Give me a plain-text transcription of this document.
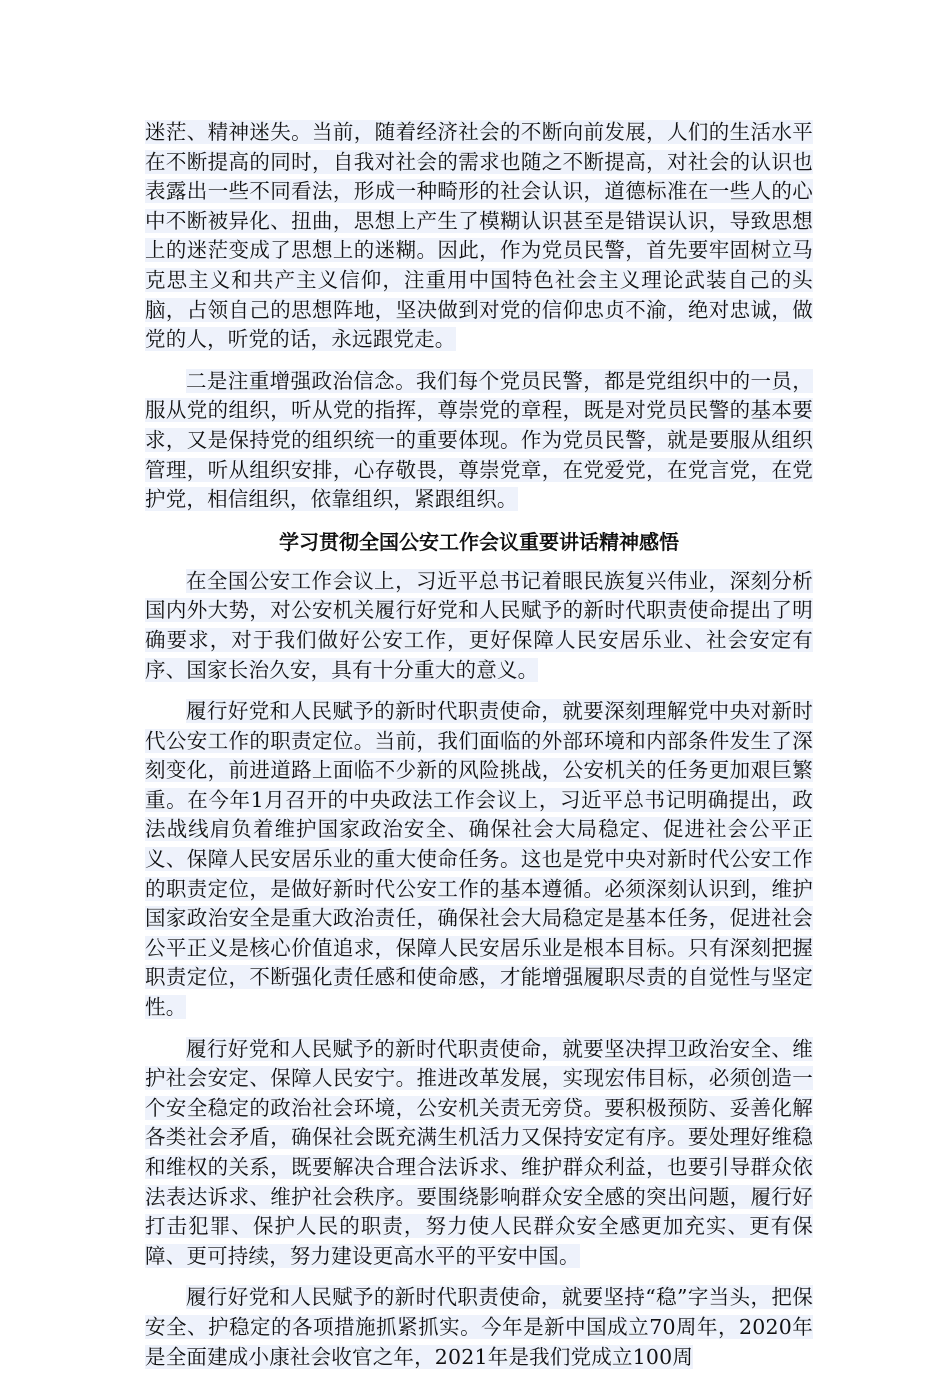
迷茫、精神迷失。当前，随着经济社会的不断向前发展，人们的生活水平在不断提高的同时，自我对社会的需求也随之不断提高，对社会的认识也表露出一些不同看法，形成一种畸形的社会认识，道德标准在一些人的心中不断被异化、扭曲，思想上产生了模糊认识甚至是错误认识，导致思想上的迷茫变成了思想上的迷糊。因此，作为党员民警，首先要牢固树立马克思主义和共产主义信仰，注重用中国特色社会主义理论武装自己的头脑，占领自己的思想阵地，坚决做到对党的信仰忠贞不渝，绝对忠诚，做党的人，听党的话，永远跟党走。

二是注重增强政治信念。我们每个党员民警，都是党组织中的一员，服从党的组织，听从党的指挥，尊崇党的章程，既是对党员民警的基本要求，又是保持党的组织统一的重要体现。作为党员民警，就是要服从组织管理，听从组织安排，心存敬畏，尊崇党章，在党爱党，在党言党，在党护党，相信组织，依靠组织，紧跟组织。

学习贯彻全国公安工作会议重要讲话精神感悟

在全国公安工作会议上，习近平总书记着眼民族复兴伟业，深刻分析国内外大势，对公安机关履行好党和人民赋予的新时代职责使命提出了明确要求，对于我们做好公安工作，更好保障人民安居乐业、社会安定有序、国家长治久安，具有十分重大的意义。

履行好党和人民赋予的新时代职责使命，就要深刻理解党中央对新时代公安工作的职责定位。当前，我们面临的外部环境和内部条件发生了深刻变化，前进道路上面临不少新的风险挑战，公安机关的任务更加艰巨繁重。在今年1月召开的中央政法工作会议上，习近平总书记明确提出，政法战线肩负着维护国家政治安全、确保社会大局稳定、促进社会公平正义、保障人民安居乐业的重大使命任务。这也是党中央对新时代公安工作的职责定位，是做好新时代公安工作的基本遵循。必须深刻认识到，维护国家政治安全是重大政治责任，确保社会大局稳定是基本任务，促进社会公平正义是核心价值追求，保障人民安居乐业是根本目标。只有深刻把握职责定位，不断强化责任感和使命感，才能增强履职尽责的自觉性与坚定性。

履行好党和人民赋予的新时代职责使命，就要坚决捍卫政治安全、维护社会安定、保障人民安宁。推进改革发展，实现宏伟目标，必须创造一个安全稳定的政治社会环境，公安机关责无旁贷。要积极预防、妥善化解各类社会矛盾，确保社会既充满生机活力又保持安定有序。要处理好维稳和维权的关系，既要解决合理合法诉求、维护群众利益，也要引导群众依法表达诉求、维护社会秩序。要围绕影响群众安全感的突出问题，履行好打击犯罪、保护人民的职责，努力使人民群众安全感更加充实、更有保障、更可持续，努力建设更高水平的平安中国。

履行好党和人民赋予的新时代职责使命，就要坚持“稳”字当头，把保安全、护稳定的各项措施抓紧抓实。今年是新中国成立70周年，2020年是全面建成小康社会收官之年，2021年是我们党成立100周
